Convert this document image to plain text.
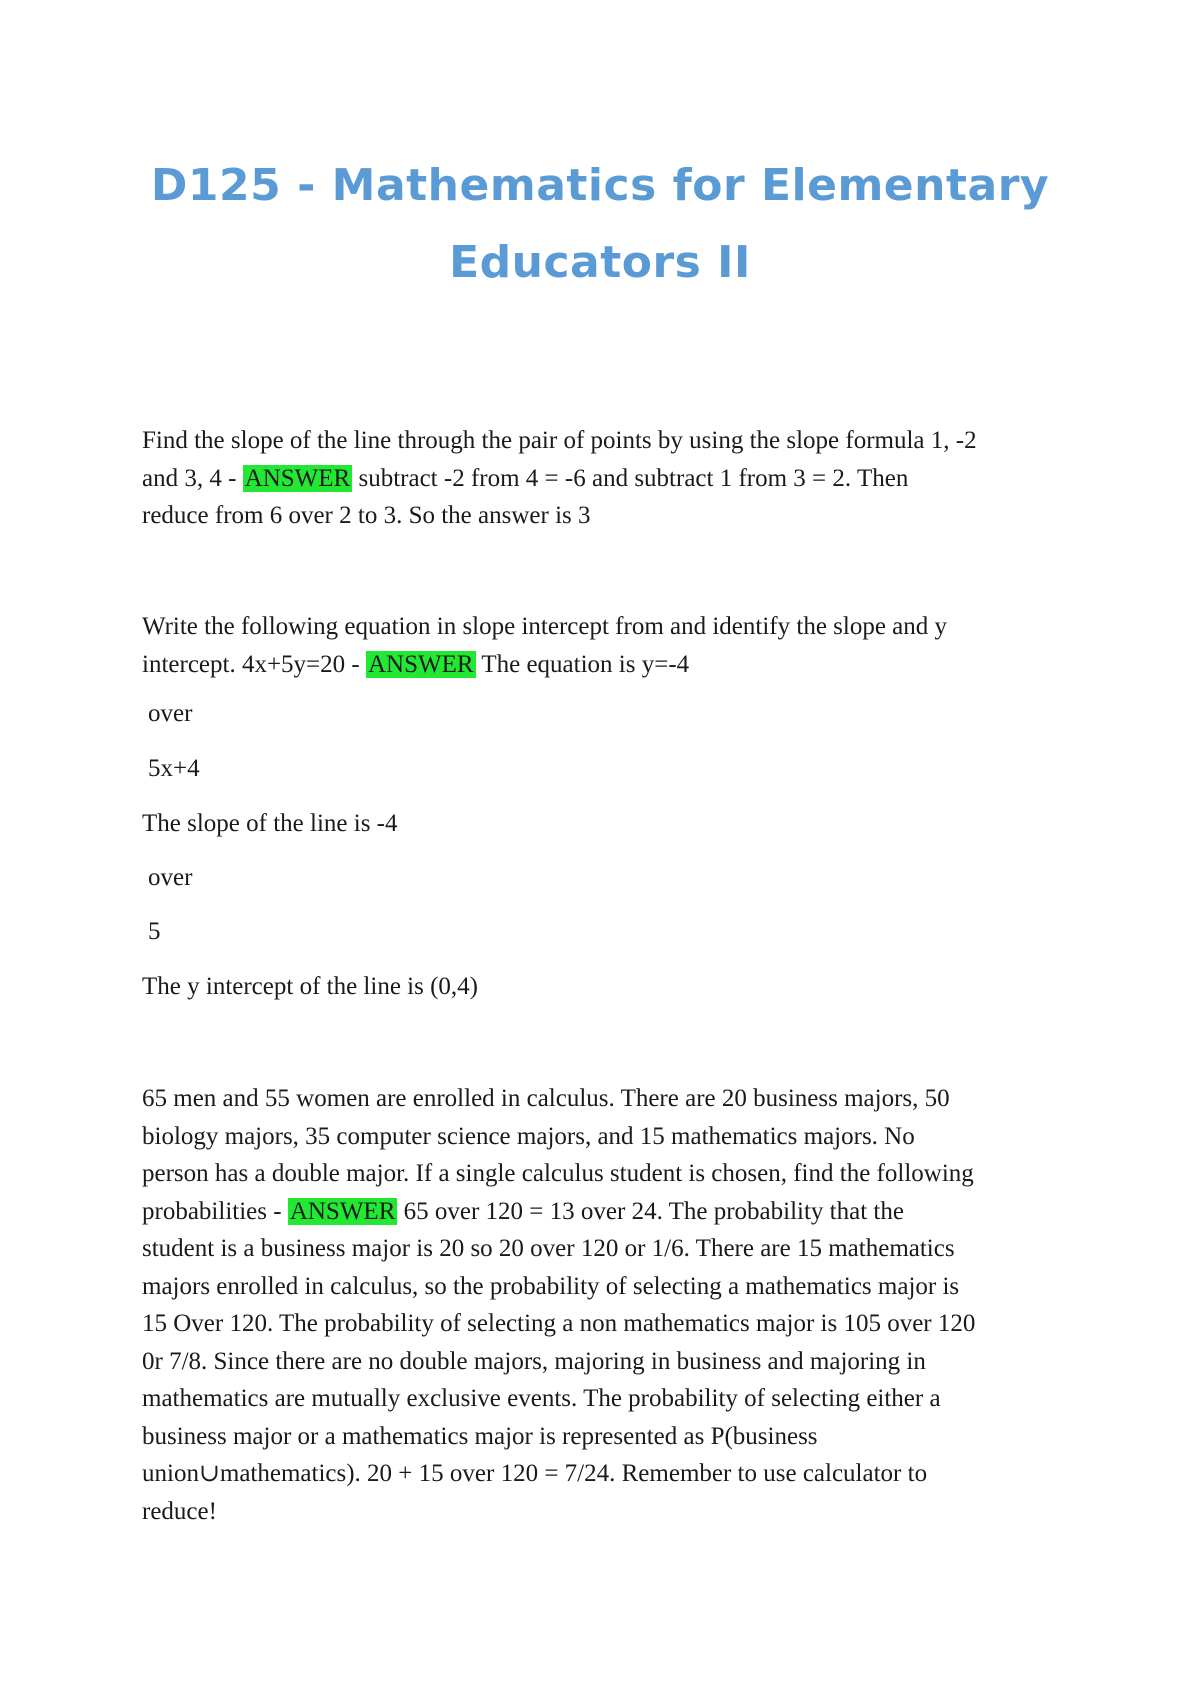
D125 - Mathematics for Elementary
Educators II
Find the slope of the line through the pair of points by using the slope formula 1, -2
and 3, 4 - ANSWER subtract -2 from 4 = -6 and subtract 1 from 3 = 2. Then
reduce from 6 over 2 to 3. So the answer is 3
Write the following equation in slope intercept from and identify the slope and y
intercept. 4x+5y=20 - ANSWER The equation is y=-4
over
5x+4
The slope of the line is -4
over
5
The y intercept of the line is (0,4)
65 men and 55 women are enrolled in calculus. There are 20 business majors, 50
biology majors, 35 computer science majors, and 15 mathematics majors. No
person has a double major. If a single calculus student is chosen, find the following
probabilities - ANSWER 65 over 120 = 13 over 24. The probability that the
student is a business major is 20 so 20 over 120 or 1/6. There are 15 mathematics
majors enrolled in calculus, so the probability of selecting a mathematics major is
15 Over 120. The probability of selecting a non mathematics major is 105 over 120
0r 7/8. Since there are no double majors, majoring in business and majoring in
mathematics are mutually exclusive events. The probability of selecting either a
business major or a mathematics major is represented as P(business
union∪mathematics). 20 + 15 over 120 = 7/24. Remember to use calculator to
reduce!
